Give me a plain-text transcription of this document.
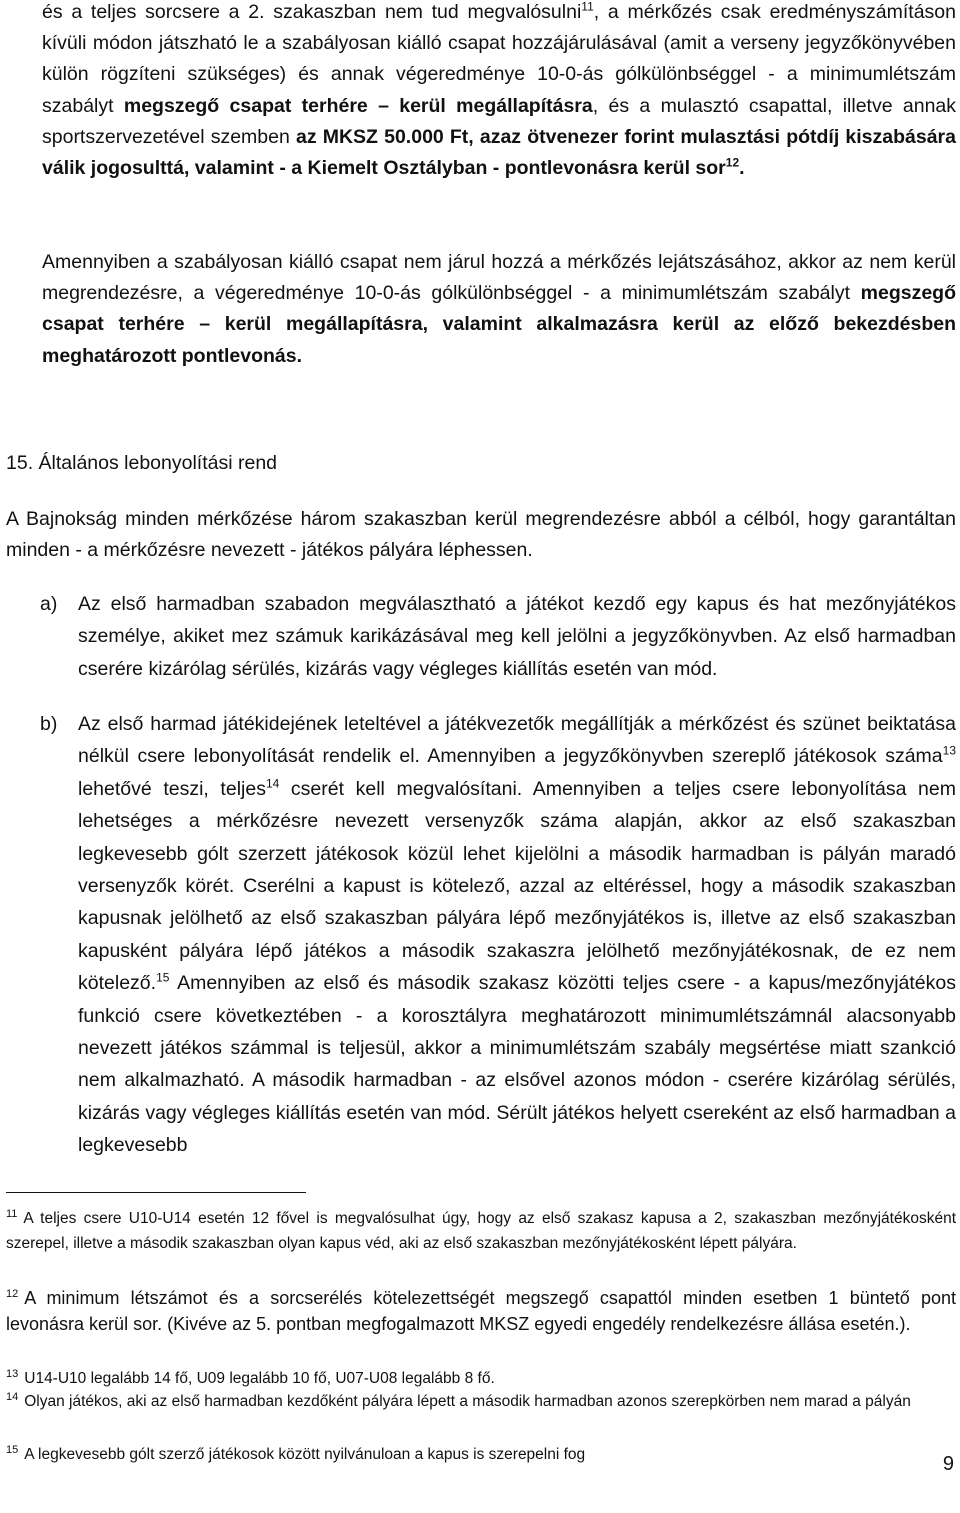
és a teljes sorcsere a 2. szakaszban nem tud megvalósulni$^{11}$, a mérkőzés csak eredményszámításon kívüli módon játszható le a szabályosan kiálló csapat hozzájárulásával (amit a verseny jegyzőkönyvében külön rögzíteni szükséges) és annak végeredménye 10-0-ás gólkülönbséggel - a minimumlétszám szabályt megszegő csapat terhére – kerül megállapításra, és a mulasztó csapattal, illetve annak sportszervezetével szemben az MKSZ 50.000 Ft, azaz ötvenezer forint mulasztási pótdíj kiszabására válik jogosulttá, valamint - a Kiemelt Osztályban - pontlevonásra kerül sor$^{12}$.

Amennyiben a szabályosan kiálló csapat nem járul hozzá a mérkőzés lejátszásához, akkor az nem kerül megrendezésre, a végeredménye 10-0-ás gólkülönbséggel - a minimumlétszám szabályt megszegő csapat terhére – kerül megállapításra, valamint alkalmazásra kerül az előző bekezdésben meghatározott pontlevonás.

15. Általános lebonyolítási rend

A Bajnokság minden mérkőzése három szakaszban kerül megrendezésre abból a célból, hogy garantáltan minden - a mérkőzésre nevezett - játékos pályára léphessen.

a) Az első harmadban szabadon megválasztható a játékot kezdő egy kapus és hat mezőnyjátékos személye, akiket mez számuk karikázásával meg kell jelölni a jegyzőkönyvben. Az első harmadban cserére kizárólag sérülés, kizárás vagy végleges kiállítás esetén van mód.
b) Az első harmad játékidejének leteltével a játékvezetők megállítják a mérkőzést és szünet beiktatása nélkül csere lebonyolítását rendelik el. Amennyiben a jegyzőkönyvben szereplő játékosok száma$^{13}$ lehetővé teszi, teljes$^{14}$ cserét kell megvalósítani. Amennyiben a teljes csere lebonyolítása nem lehetséges a mérkőzésre nevezett versenyzők száma alapján, akkor az első szakaszban legkevesebb gólt szerzett játékosok közül lehet kijelölni a második harmadban is pályán maradó versenyzők körét. Cserélni a kapust is kötelező, azzal az eltéréssel, hogy a második szakaszban kapusnak jelölhető az első szakaszban pályára lépő mezőnyjátékos is, illetve az első szakaszban kapusként pályára lépő játékos a második szakaszra jelölhető mezőnyjátékosnak, de ez nem kötelező.$^{15}$ Amennyiben az első és második szakasz közötti teljes csere - a kapus/mezőnyjátékos funkció csere következtében - a korosztályra meghatározott minimumlétszámnál alacsonyabb nevezett játékos számmal is teljesül, akkor a minimumlétszám szabály megsértése miatt szankció nem alkalmazható. A második harmadban - az elsővel azonos módon - cserére kizárólag sérülés, kizárás vagy végleges kiállítás esetén van mód. Sérült játékos helyett csereként az első harmadban a legkevesebb
$^{11}$ A teljes csere U10-U14 esetén 12 fővel is megvalósulhat úgy, hogy az első szakasz kapusa a 2, szakaszban mezőnyjátékosként szerepel, illetve a második szakaszban olyan kapus véd, aki az első szakaszban mezőnyjátékosként lépett pályára.
$^{12}$ A minimum létszámot és a sorcserélés kötelezettségét megszegő csapattól minden esetben 1 büntető pont levonásra kerül sor. (Kivéve az 5. pontban megfogalmazott MKSZ egyedi engedély rendelkezésre állása esetén.).
$^{13}$ U14-U10 legalább 14 fő, U09 legalább 10 fő, U07-U08 legalább 8 fő.
$^{14}$ Olyan játékos, aki az első harmadban kezdőként pályára lépett a második harmadban azonos szerepkörben nem marad a pályán
$^{15}$ A legkevesebb gólt szerző játékosok között nyilvánuloan a kapus is szerepelni fog	9
